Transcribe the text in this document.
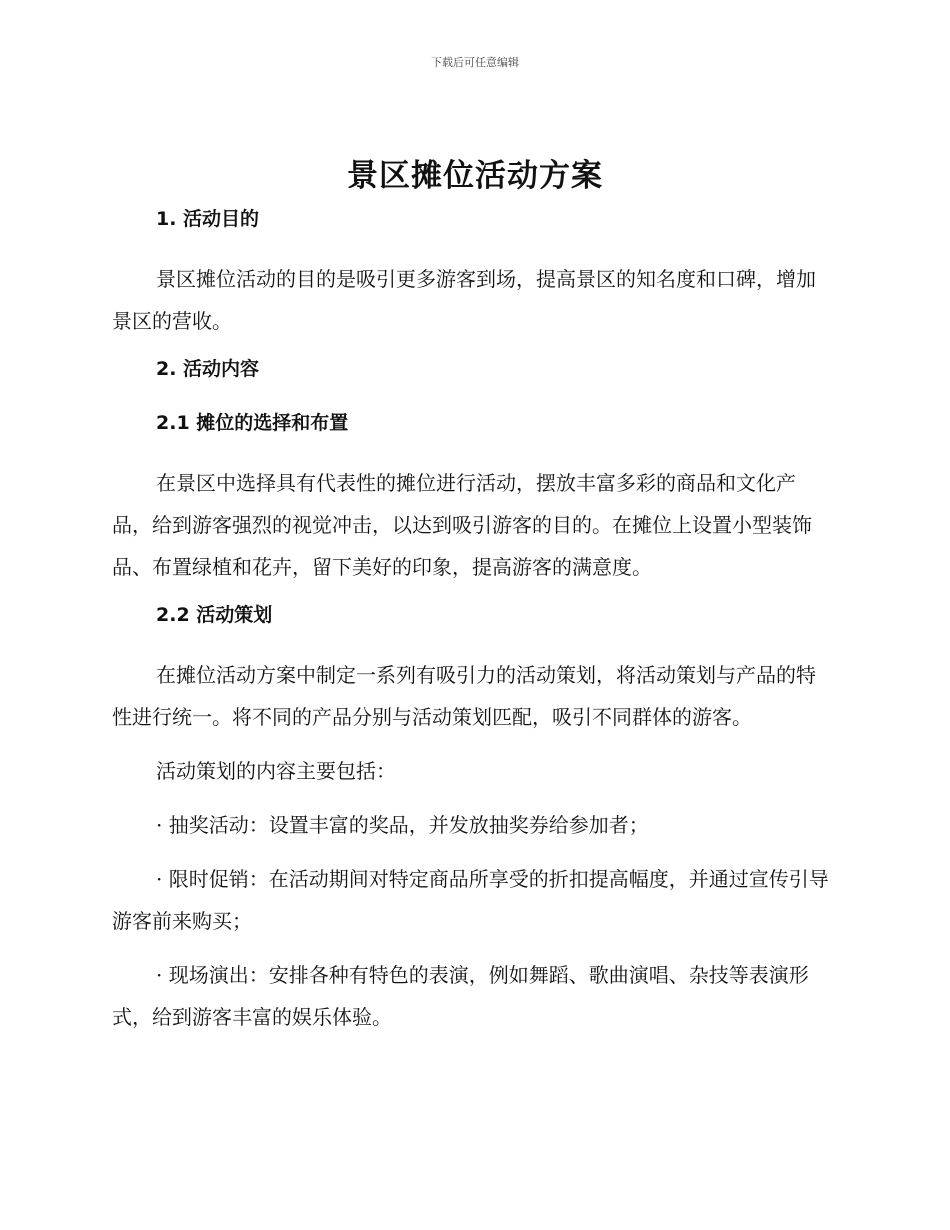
下载后可任意编辑
景区摊位活动方案
1. 活动目的

景区摊位活动的目的是吸引更多游客到场，提高景区的知名度和口碑，增加景区的营收。

2. 活动内容
2.1 摊位的选择和布置

在景区中选择具有代表性的摊位进行活动，摆放丰富多彩的商品和文化产品，给到游客强烈的视觉冲击，以达到吸引游客的目的。在摊位上设置小型装饰品、布置绿植和花卉，留下美好的印象，提高游客的满意度。

2.2 活动策划

在摊位活动方案中制定一系列有吸引力的活动策划，将活动策划与产品的特性进行统一。将不同的产品分别与活动策划匹配，吸引不同群体的游客。

活动策划的内容主要包括：

· 抽奖活动：设置丰富的奖品，并发放抽奖券给参加者；

· 限时促销：在活动期间对特定商品所享受的折扣提高幅度，并通过宣传引导游客前来购买；

· 现场演出：安排各种有特色的表演，例如舞蹈、歌曲演唱、杂技等表演形式，给到游客丰富的娱乐体验。
